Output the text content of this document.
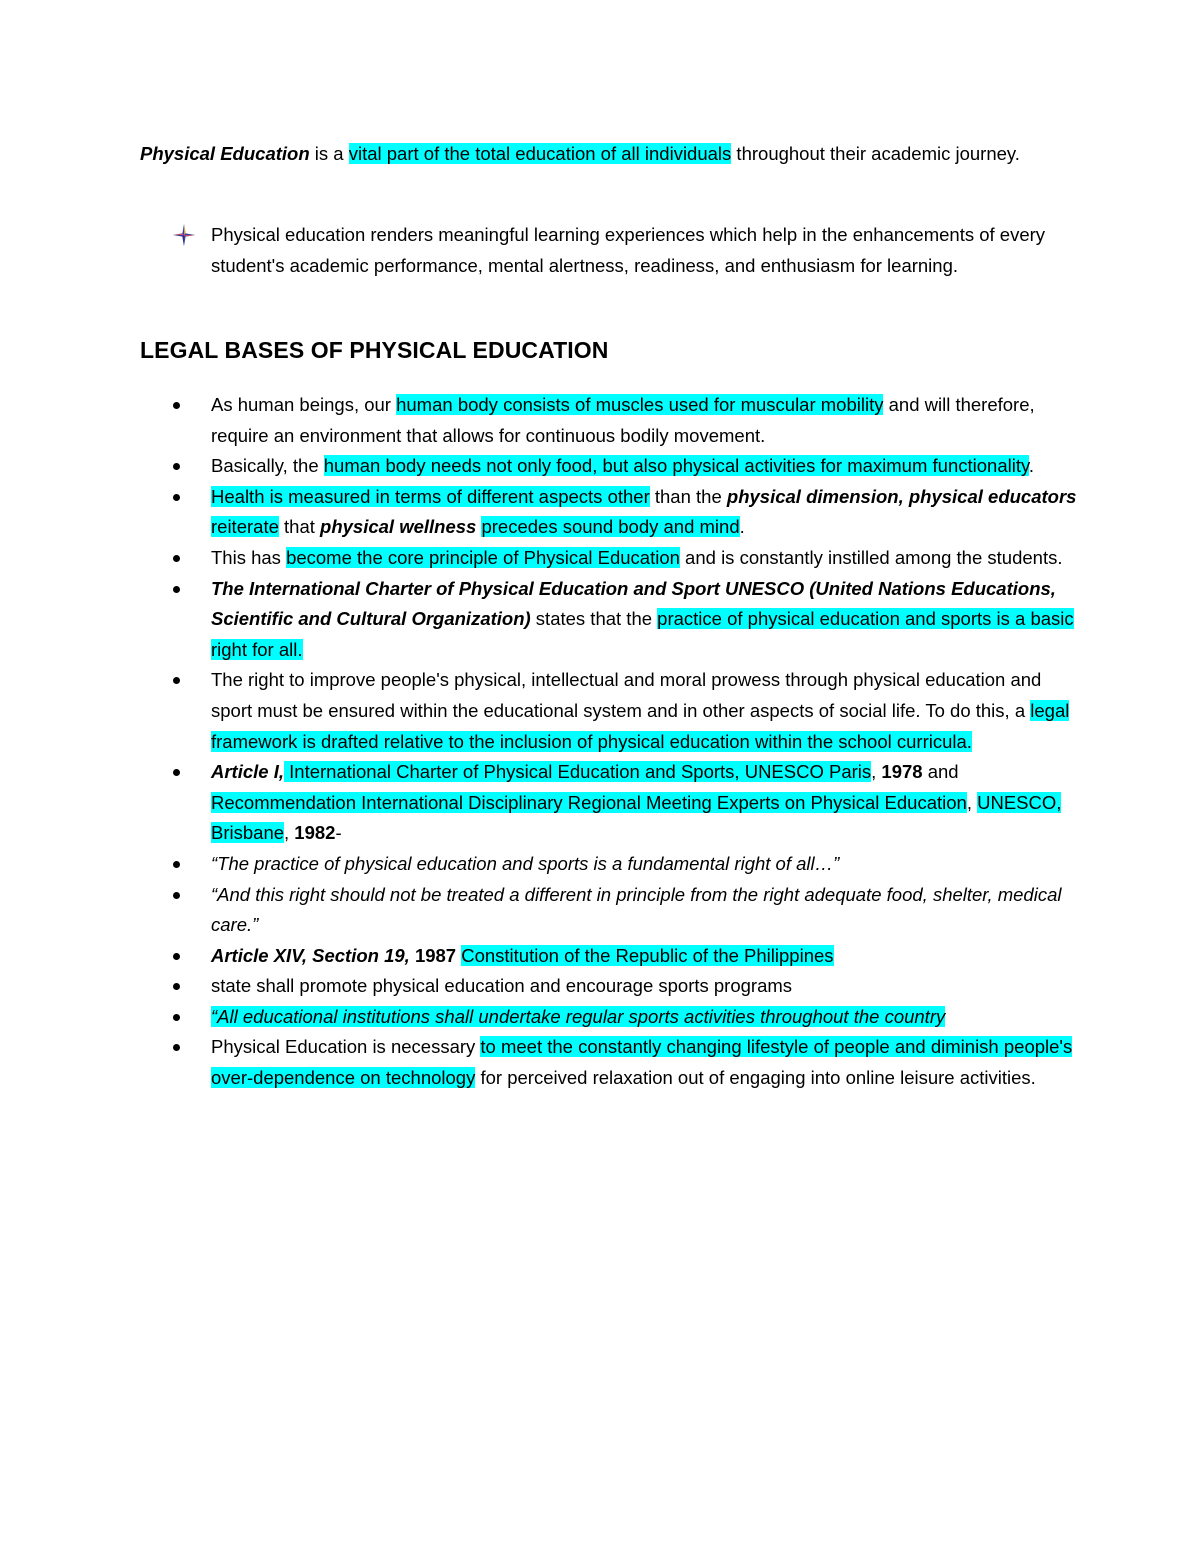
Physical Education is a vital part of the total education of all individuals throughout their academic journey.

Physical education renders meaningful learning experiences which help in the enhancements of every student's academic performance, mental alertness, readiness, and enthusiasm for learning.
LEGAL BASES OF PHYSICAL EDUCATION
As human beings, our human body consists of muscles used for muscular mobility and will therefore, require an environment that allows for continuous bodily movement.
Basically, the human body needs not only food, but also physical activities for maximum functionality.
Health is measured in terms of different aspects other than the physical dimension, physical educators reiterate that physical wellness precedes sound body and mind.
This has become the core principle of Physical Education and is constantly instilled among the students.
The International Charter of Physical Education and Sport UNESCO (United Nations Educations, Scientific and Cultural Organization) states that the practice of physical education and sports is a basic right for all.
The right to improve people's physical, intellectual and moral prowess through physical education and sport must be ensured within the educational system and in other aspects of social life. To do this, a legal framework is drafted relative to the inclusion of physical education within the school curricula.
Article I, International Charter of Physical Education and Sports, UNESCO Paris, 1978 and Recommendation International Disciplinary Regional Meeting Experts on Physical Education, UNESCO, Brisbane, 1982-
“The practice of physical education and sports is a fundamental right of all…”
“And this right should not be treated a different in principle from the right adequate food, shelter, medical care.”
Article XIV, Section 19, 1987 Constitution of the Republic of the Philippines
state shall promote physical education and encourage sports programs
“All educational institutions shall undertake regular sports activities throughout the country
Physical Education is necessary to meet the constantly changing lifestyle of people and diminish people's over-dependence on technology for perceived relaxation out of engaging into online leisure activities.
